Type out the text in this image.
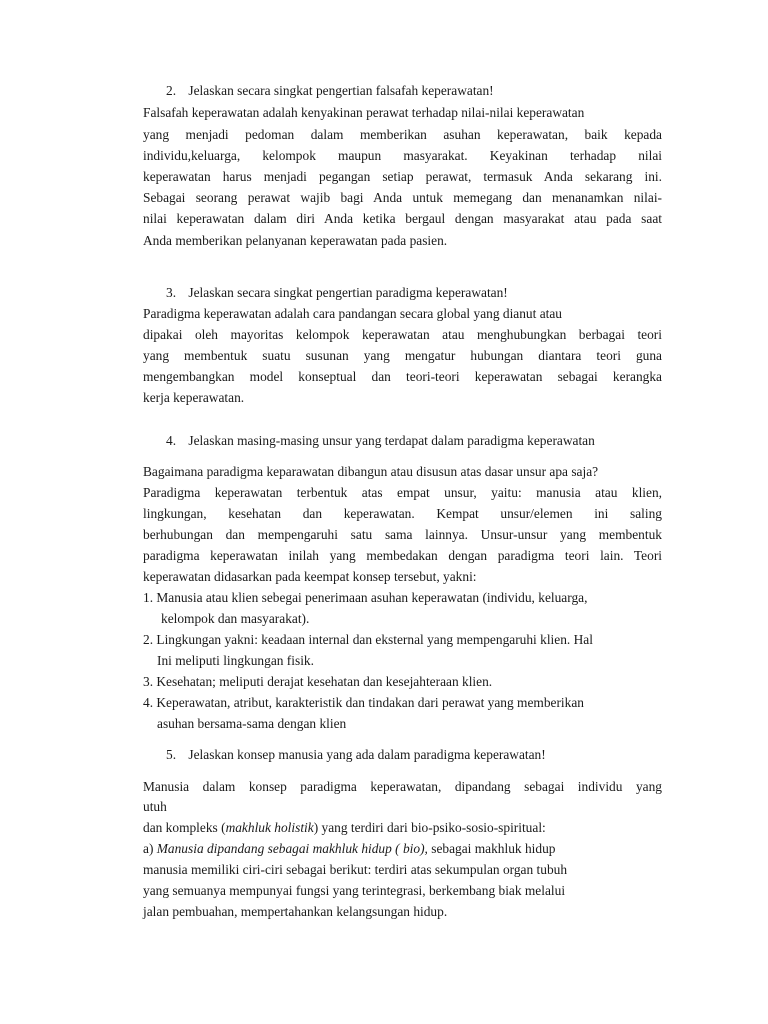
2. Jelaskan secara singkat pengertian falsafah keperawatan!
Falsafah keperawatan adalah kenyakinan perawat terhadap nilai-nilai keperawatan
yang menjadi pedoman dalam memberikan asuhan keperawatan, baik kepada
individu,keluarga, kelompok maupun masyarakat. Keyakinan terhadap nilai
keperawatan harus menjadi pegangan setiap perawat, termasuk Anda sekarang ini.
Sebagai seorang perawat wajib bagi Anda untuk memegang dan menanamkan nilai-
nilai keperawatan dalam diri Anda ketika bergaul dengan masyarakat atau pada saat
Anda memberikan pelanyanan keperawatan pada pasien.
3. Jelaskan secara singkat pengertian paradigma keperawatan!
Paradigma keperawatan adalah cara pandangan secara global yang dianut atau
dipakai oleh mayoritas kelompok keperawatan atau menghubungkan berbagai teori
yang membentuk suatu susunan yang mengatur hubungan diantara teori guna
mengembangkan model konseptual dan teori-teori keperawatan sebagai kerangka
kerja keperawatan.
4. Jelaskan masing-masing unsur yang terdapat dalam paradigma keperawatan
Bagaimana paradigma keparawatan dibangun atau disusun atas dasar unsur apa saja?
Paradigma keperawatan terbentuk atas empat unsur, yaitu: manusia atau klien,
lingkungan, kesehatan dan keperawatan. Kempat unsur/elemen ini saling
berhubungan dan mempengaruhi satu sama lainnya. Unsur-unsur yang membentuk
paradigma keperawatan inilah yang membedakan dengan paradigma teori lain. Teori
keperawatan didasarkan pada keempat konsep tersebut, yakni:
1. Manusia atau klien sebegai penerimaan asuhan keperawatan (individu, keluarga,
kelompok dan masyarakat).
2. Lingkungan yakni: keadaan internal dan eksternal yang mempengaruhi klien. Hal
Ini meliputi lingkungan fisik.
3. Kesehatan; meliputi derajat kesehatan dan kesejahteraan klien.
4. Keperawatan, atribut, karakteristik dan tindakan dari perawat yang memberikan
asuhan bersama-sama dengan klien
5. Jelaskan konsep manusia yang ada dalam paradigma keperawatan!
Manusia dalam konsep paradigma keperawatan, dipandang sebagai individu yang
utuh
dan kompleks (makhluk holistik) yang terdiri dari bio-psiko-sosio-spiritual:
a) Manusia dipandang sebagai makhluk hidup ( bio), sebagai makhluk hidup
manusia memiliki ciri-ciri sebagai berikut: terdiri atas sekumpulan organ tubuh
yang semuanya mempunyai fungsi yang terintegrasi, berkembang biak melalui
jalan pembuahan, mempertahankan kelangsungan hidup.
